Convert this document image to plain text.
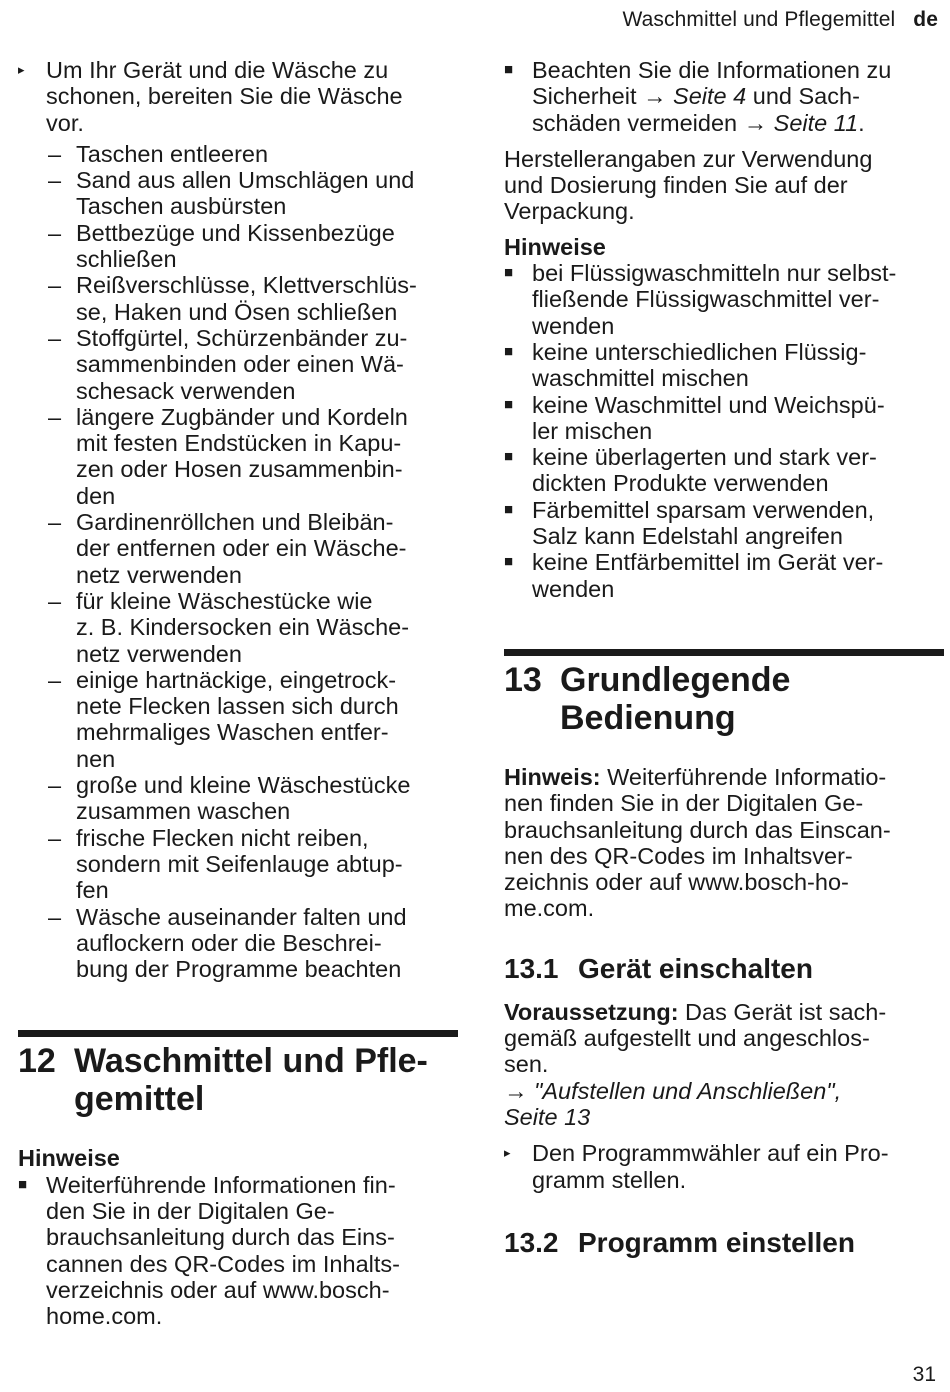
Waschmittel und Pflegemittel de
▸ Um Ihr Gerät und die Wäsche zu
schonen, bereiten Sie die Wäsche
vor.
– Taschen entleeren
– Sand aus allen Umschlägen und
Taschen ausbürsten
– Bettbezüge und Kissenbezüge
schließen
– Reißverschlüsse, Klettverschlüs-
se, Haken und Ösen schließen
– Stoffgürtel, Schürzenbänder zu-
sammenbinden oder einen Wä-
schesack verwenden
– längere Zugbänder und Kordeln
mit festen Endstücken in Kapu-
zen oder Hosen zusammenbin-
den
– Gardinenröllchen und Bleibän-
der entfernen oder ein Wäsche-
netz verwenden
– für kleine Wäschestücke wie
z. B. Kindersocken ein Wäsche-
netz verwenden
– einige hartnäckige, eingetrock-
nete Flecken lassen sich durch
mehrmaliges Waschen entfer-
nen
– große und kleine Wäschestücke
zusammen waschen
– frische Flecken nicht reiben,
sondern mit Seifenlauge abtup-
fen
– Wäsche auseinander falten und
auflockern oder die Beschrei-
bung der Programme beachten
12 Waschmittel und Pfle-
gemittel
Hinweise
■ Weiterführende Informationen fin-
den Sie in der Digitalen Ge-
brauchsanleitung durch das Eins-
cannen des QR-Codes im Inhalts-
verzeichnis oder auf www.bosch-
home.com.
■ Beachten Sie die Informationen zu
Sicherheit → Seite 4 und Sach-
schäden vermeiden → Seite 11.
Herstellerangaben zur Verwendung
und Dosierung finden Sie auf der
Verpackung.
Hinweise
■ bei Flüssigwaschmitteln nur selbst-
fließende Flüssigwaschmittel ver-
wenden
■ keine unterschiedlichen Flüssig-
waschmittel mischen
■ keine Waschmittel und Weichspü-
ler mischen
■ keine überlagerten und stark ver-
dickten Produkte verwenden
■ Färbemittel sparsam verwenden,
Salz kann Edelstahl angreifen
■ keine Entfärbemittel im Gerät ver-
wenden
13 Grundlegende
Bedienung
Hinweis: Weiterführende Informatio-
nen finden Sie in der Digitalen Ge-
brauchsanleitung durch das Einscan-
nen des QR-Codes im Inhaltsver-
zeichnis oder auf www.bosch-ho-
me.com.
13.1 Gerät einschalten
Voraussetzung: Das Gerät ist sach-
gemäß aufgestellt und angeschlos-
sen.
→ "Aufstellen und Anschließen",
Seite 13
▸ Den Programmwähler auf ein Pro-
gramm stellen.
13.2 Programm einstellen
31
